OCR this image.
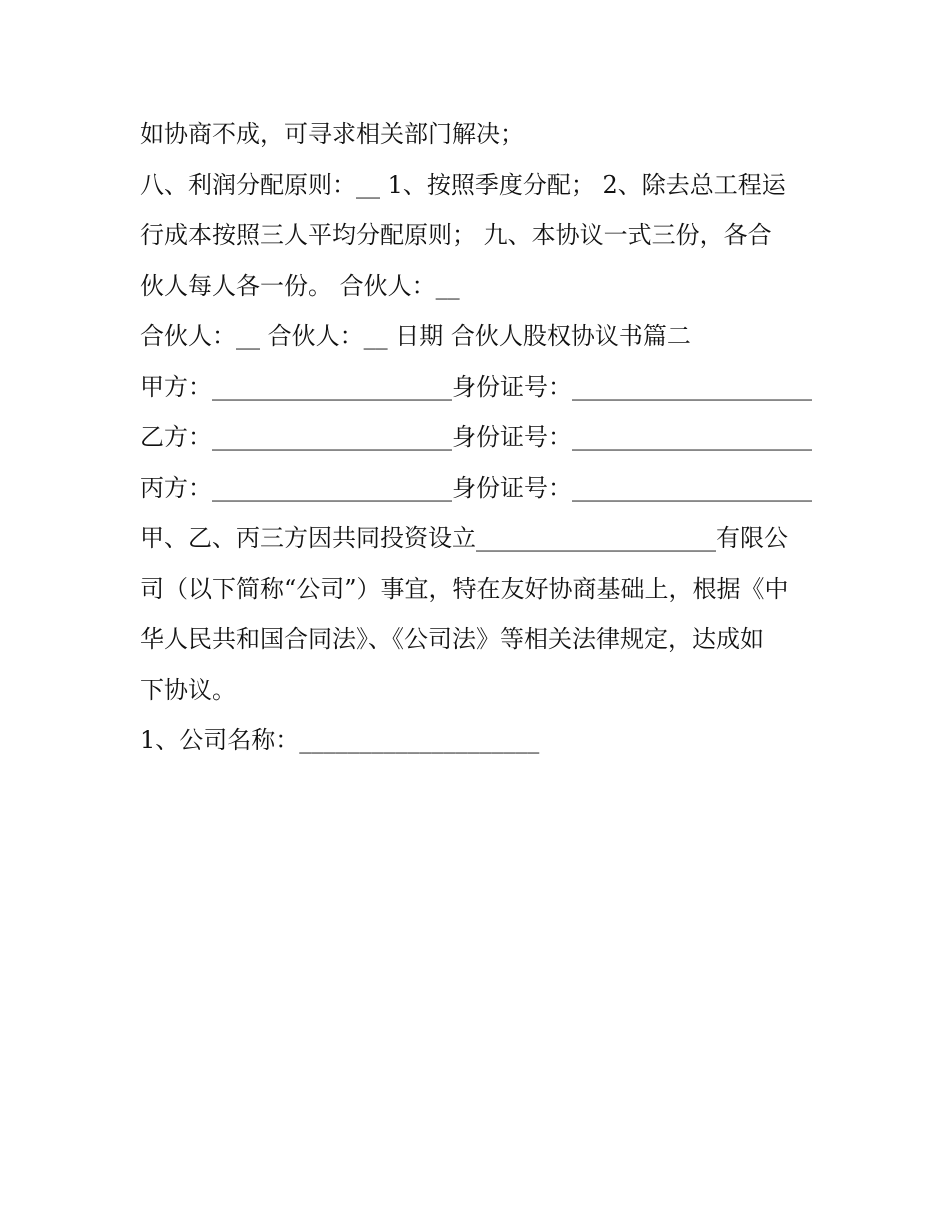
如协商不成，可寻求相关部门解决；
八、利润分配原则：__ 1、按照季度分配； 2、除去总工程运
行成本按照三人平均分配原则； 九、本协议一式三份，各合
伙人每人各一份。 合伙人：__
合伙人：__ 合伙人：__ 日期 合伙人股权协议书篇二
甲方：____________________身份证号：____________________
乙方：____________________身份证号：____________________
丙方：____________________身份证号：____________________
甲、乙、丙三方因共同投资设立____________________有限公
司（以下简称“公司”）事宜，特在友好协商基础上，根据《中
华人民共和国合同法》、《公司法》等相关法律规定，达成如
下协议。
1、公司名称：____________________
